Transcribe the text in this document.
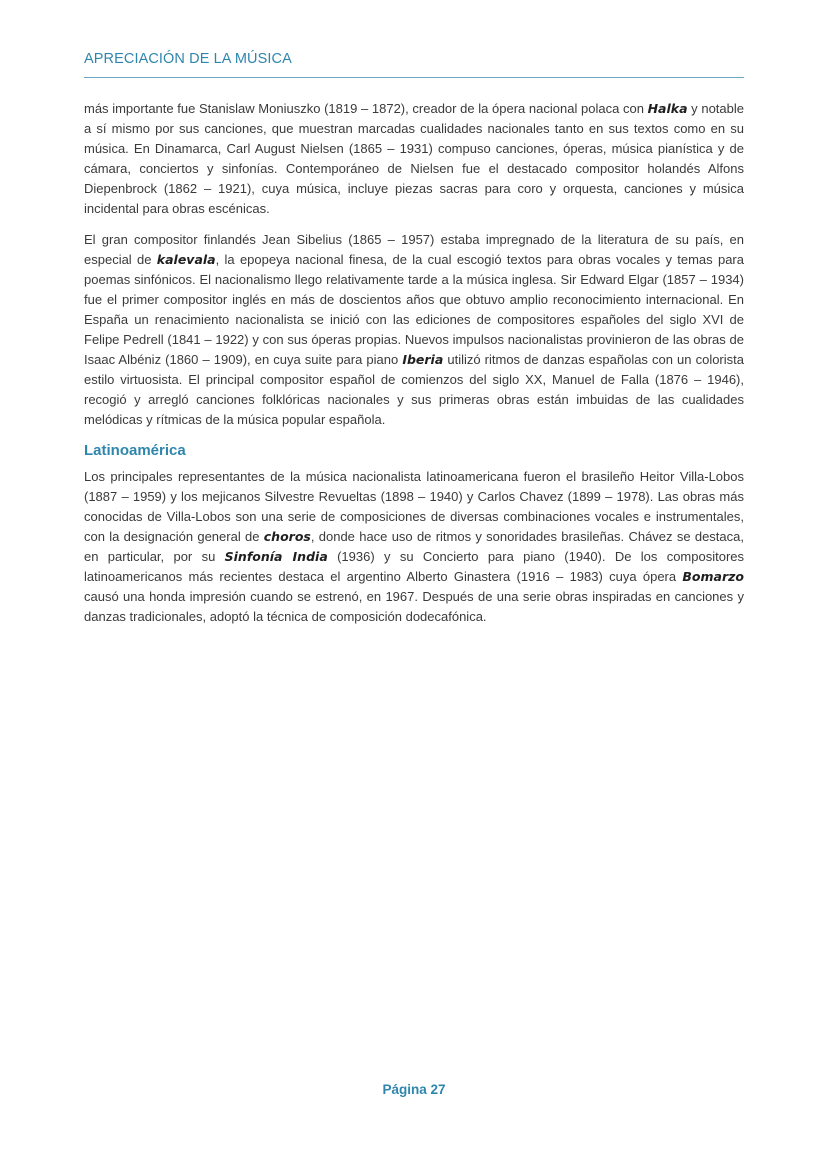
APRECIACIÓN DE LA MÚSICA

más importante fue Stanislaw Moniuszko (1819 – 1872), creador de la ópera nacional polaca con Halka y notable a sí mismo por sus canciones, que muestran marcadas cualidades nacionales tanto en sus textos como en su música. En Dinamarca, Carl August Nielsen (1865 – 1931) compuso canciones, óperas, música pianística y de cámara, conciertos y sinfonías. Contemporáneo de Nielsen fue el destacado compositor holandés Alfons Diepenbrock (1862 – 1921), cuya música, incluye piezas sacras para coro y orquesta, canciones y música incidental para obras escénicas.

El gran compositor finlandés Jean Sibelius (1865 – 1957) estaba impregnado de la literatura de su país, en especial de kalevala, la epopeya nacional finesa, de la cual escogió textos para obras vocales y temas para poemas sinfónicos. El nacionalismo llego relativamente tarde a la música inglesa. Sir Edward Elgar (1857 – 1934) fue el primer compositor inglés en más de doscientos años que obtuvo amplio reconocimiento internacional. En España un renacimiento nacionalista se inició con las ediciones de compositores españoles del siglo XVI de Felipe Pedrell (1841 – 1922) y con sus óperas propias. Nuevos impulsos nacionalistas provinieron de las obras de Isaac Albéniz (1860 – 1909), en cuya suite para piano Iberia utilizó ritmos de danzas españolas con un colorista estilo virtuosista. El principal compositor español de comienzos del siglo XX, Manuel de Falla (1876 – 1946), recogió y arregló canciones folklóricas nacionales y sus primeras obras están imbuidas de las cualidades melódicas y rítmicas de la música popular española.

Latinoamérica

Los principales representantes de la música nacionalista latinoamericana fueron el brasileño Heitor Villa-Lobos (1887 – 1959) y los mejicanos Silvestre Revueltas (1898 – 1940) y Carlos Chavez (1899 – 1978). Las obras más conocidas de Villa-Lobos son una serie de composiciones de diversas combinaciones vocales e instrumentales, con la designación general de choros, donde hace uso de ritmos y sonoridades brasileñas. Chávez se destaca, en particular, por su Sinfonía India (1936) y su Concierto para piano (1940). De los compositores latinoamericanos más recientes destaca el argentino Alberto Ginastera (1916 – 1983) cuya ópera Bomarzo causó una honda impresión cuando se estrenó, en 1967. Después de una serie obras inspiradas en canciones y danzas tradicionales, adoptó la técnica de composición dodecafónica.

Página 27
